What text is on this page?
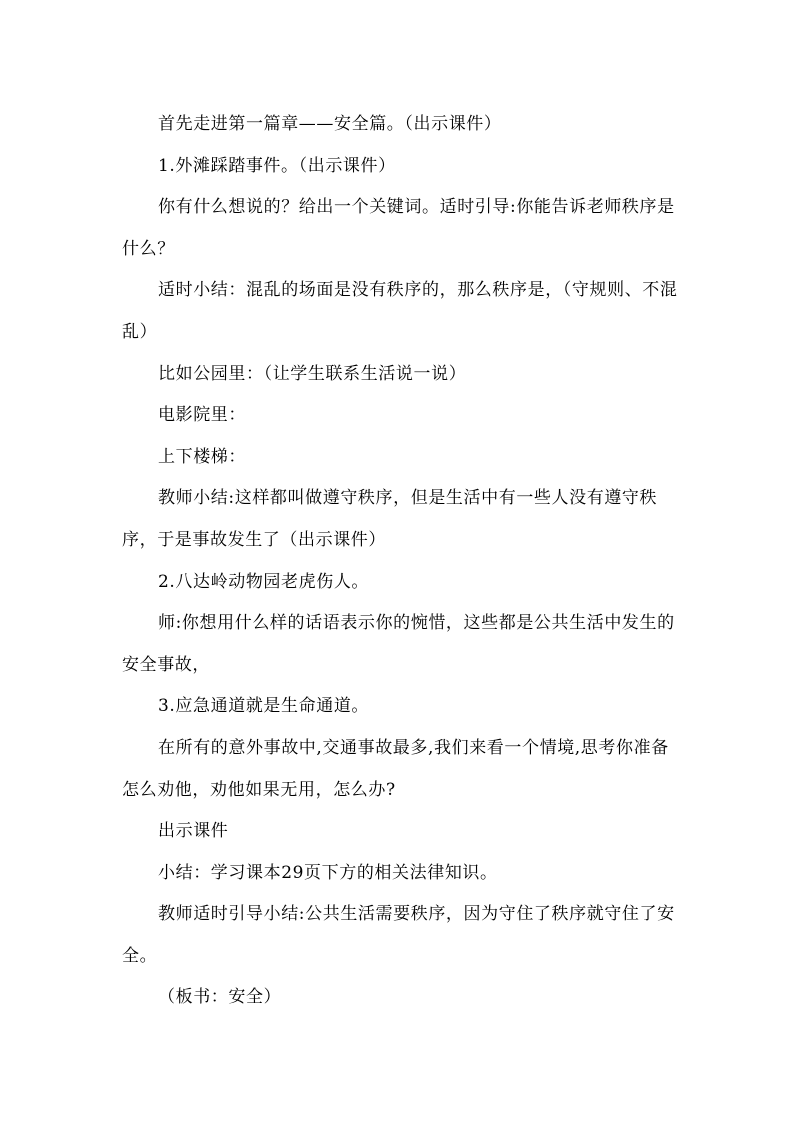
首先走进第一篇章——安全篇。（出示课件）

1.外滩踩踏事件。（出示课件）

你有什么想说的？给出一个关键词。适时引导:你能告诉老师秩序是什么？

适时小结：混乱的场面是没有秩序的，那么秩序是，（守规则、不混乱）

比如公园里：（让学生联系生活说一说）

电影院里：

上下楼梯：

教师小结:这样都叫做遵守秩序，但是生活中有一些人没有遵守秩序，于是事故发生了（出示课件）

2.八达岭动物园老虎伤人。

师:你想用什么样的话语表示你的惋惜，这些都是公共生活中发生的安全事故，

3.应急通道就是生命通道。

在所有的意外事故中,交通事故最多,我们来看一个情境,思考你准备怎么劝他，劝他如果无用，怎么办?

出示课件

小结：学习课本29页下方的相关法律知识。

教师适时引导小结:公共生活需要秩序，因为守住了秩序就守住了安全。

（板书：安全）
